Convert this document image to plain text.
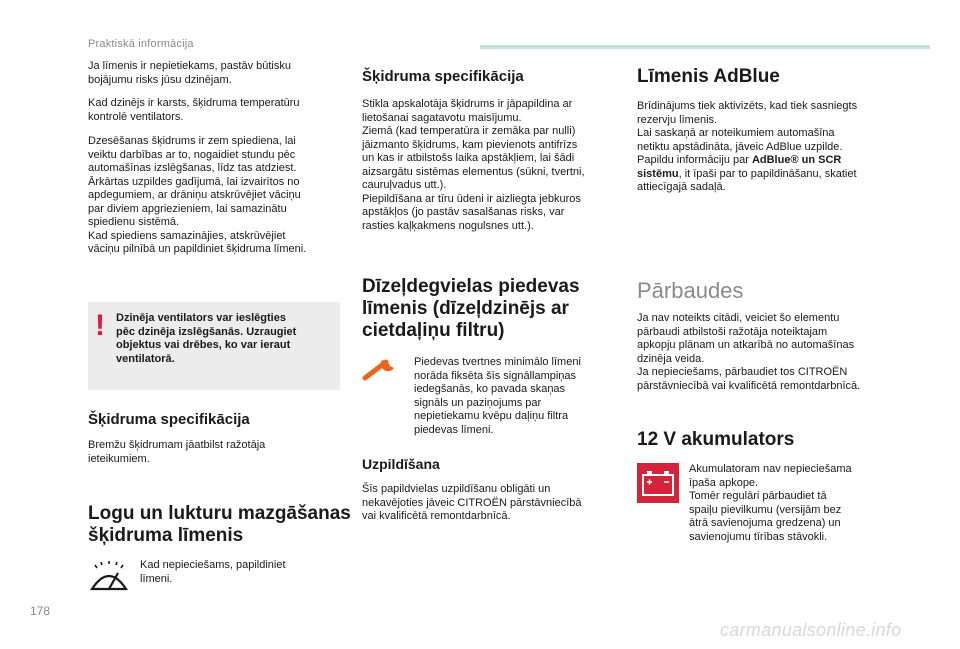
Praktiskā informācija
Ja līmenis ir nepietiekams, pastāv būtisku
bojājumu risks jūsu dzinējam.
Kad dzinējs ir karsts, šķidruma temperatūru
kontrolē ventilators.
Dzesēšanas šķidrums ir zem spiediena, lai
veiktu darbības ar to, nogaidiet stundu pēc
automašīnas izslēgšanas, līdz tas atdziest.
Ārkārtas uzpildes gadījumā, lai izvairītos no
apdegumiem, ar drāniņu atskrūvējiet vāciņu
par diviem apgriezieniem, lai samazinātu
spiedienu sistēmā.
Kad spiediens samazinājies, atskrūvējiet
vāciņu pilnībā un papildiniet šķidruma līmeni.
! Dzinēja ventilators var ieslēgties
pēc dzinēja izslēgšanās. Uzraugiet
objektus vai drēbes, ko var ieraut
ventilatorā.
Šķidruma specifikācija
Bremžu šķidrumam jāatbilst ražotāja
ieteikumiem.
Logu un lukturu mazgāšanas
šķidruma līmenis
Kad nepieciešams, papildiniet
līmeni.
Šķidruma specifikācija
Stikla apskalotāja šķidrums ir jāpapildina ar
lietošanai sagatavotu maisījumu.
Ziemā (kad temperatūra ir zemāka par nulli)
jāizmanto šķidrums, kam pievienots antifrīzs
un kas ir atbilstošs laika apstākļiem, lai šādi
aizsargātu sistēmas elementus (sūkni, tvertni,
cauruļvadus utt.).
Piepildīšana ar tīru ūdeni ir aizliegta jebkuros
apstākļos (jo pastāv sasalšanas risks, var
rasties kaļķakmens nogulsnes utt.).
Dīzeļdegvielas piedevas
līmenis (dīzeļdzinējs ar
cietdaļiņu filtru)
Piedevas tvertnes minimālo līmeni
norāda fiksēta šīs signāllampiņas
iedegšanās, ko pavada skaņas
signāls un paziņojums par
nepietiekamu kvēpu daļiņu filtra
piedevas līmeni.
Uzpildīšana
Šīs papildvielas uzpildīšanu obligāti un
nekavējoties jāveic CITROËN pārstāvniecībā
vai kvalificētā remontdarbnīcā.
Līmenis AdBlue
Brīdinājums tiek aktivizēts, kad tiek sasniegts
rezervju līmenis.
Lai saskaņā ar noteikumiem automašīna
netiktu apstādināta, jāveic AdBlue uzpilde.
Papildu informāciju par AdBlue® un SCR
sistēmu, it īpaši par to papildināšanu, skatiet
attiecīgajā sadaļā.
Pārbaudes
Ja nav noteikts citādi, veiciet šo elementu
pārbaudi atbilstoši ražotāja noteiktajam
apkopju plānam un atkarībā no automašīnas
dzinēja veida.
Ja nepieciešams, pārbaudiet tos CITROËN
pārstāvniecībā vai kvalificētā remontdarbnīcā.
12 V akumulators
Akumulatoram nav nepieciešama
īpaša apkope.
Tomēr regulāri pārbaudiet tā
spaiļu pievilkumu (versijām bez
ātrā savienojuma gredzena) un
savienojumu tīrības stāvokli.
178
carmanualsonline.info
